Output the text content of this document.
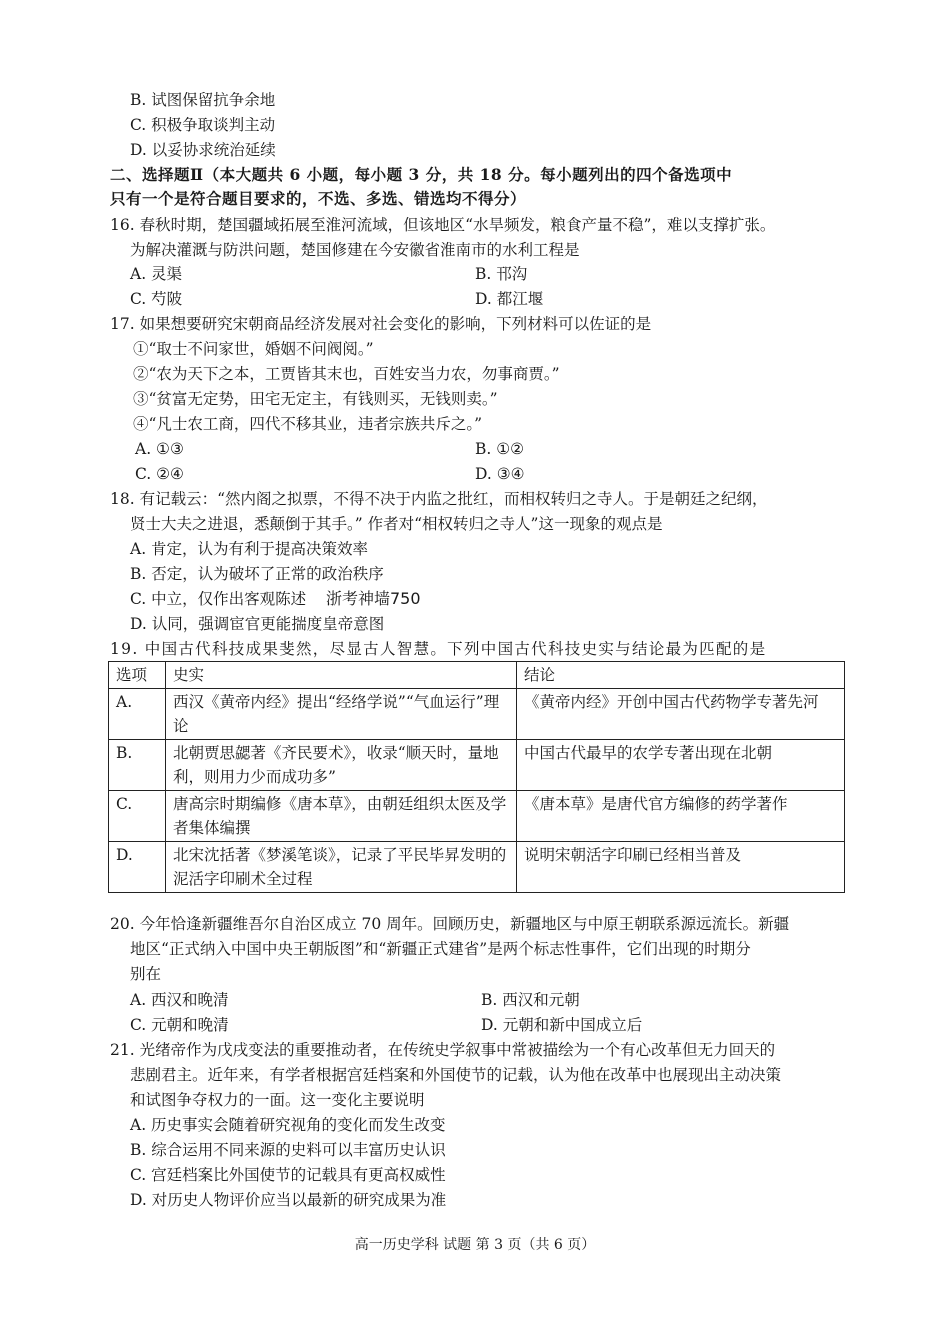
B. 试图保留抗争余地
C. 积极争取谈判主动
D. 以妥协求统治延续
二、选择题Ⅱ（本大题共 6 小题，每小题 3 分，共 18 分。每小题列出的四个备选项中
只有一个是符合题目要求的，不选、多选、错选均不得分）
16. 春秋时期，楚国疆域拓展至淮河流域，但该地区“水旱频发，粮食产量不稳”，难以支撑扩张。
为解决灌溉与防洪问题，楚国修建在今安徽省淮南市的水利工程是
A. 灵渠	B. 邗沟
C. 芍陂	D. 都江堰
17. 如果想要研究宋朝商品经济发展对社会变化的影响，下列材料可以佐证的是
①“取士不问家世，婚姻不问阀阅。”
②“农为天下之本，工贾皆其末也，百姓安当力农，勿事商贾。”
③“贫富无定势，田宅无定主，有钱则买，无钱则卖。”
④“凡士农工商，四代不移其业，违者宗族共斥之。”
A. ①③	B. ①②
C. ②④	D. ③④
18. 有记载云：“然内阁之拟票，不得不决于内监之批红，而相权转归之寺人。于是朝廷之纪纲，
贤士大夫之进退，悉颠倒于其手。” 作者对“相权转归之寺人”这一现象的观点是
A. 肯定，认为有利于提高决策效率
B. 否定，认为破坏了正常的政治秩序
C. 中立，仅作出客观陈述 浙考神墙750
D. 认同，强调宦官更能揣度皇帝意图
19. 中国古代科技成果斐然，尽显古人智慧。下列中国古代科技史实与结论最为匹配的是
选项	史实	结论
A.	西汉《黄帝内经》提出“经络学说”“气血运行”理论	《黄帝内经》开创中国古代药物学专著先河
B.	北朝贾思勰著《齐民要术》，收录“顺天时，量地利，则用力少而成功多”	中国古代最早的农学专著出现在北朝
C.	唐高宗时期编修《唐本草》，由朝廷组织太医及学者集体编撰	《唐本草》是唐代官方编修的药学著作
D.	北宋沈括著《梦溪笔谈》，记录了平民毕昇发明的泥活字印刷术全过程	说明宋朝活字印刷已经相当普及
20. 今年恰逢新疆维吾尔自治区成立 70 周年。回顾历史，新疆地区与中原王朝联系源远流长。新疆
地区“正式纳入中国中央王朝版图”和“新疆正式建省”是两个标志性事件，它们出现的时期分
别在
A. 西汉和晚清	B. 西汉和元朝
C. 元朝和晚清	D. 元朝和新中国成立后
21. 光绪帝作为戊戌变法的重要推动者，在传统史学叙事中常被描绘为一个有心改革但无力回天的
悲剧君主。近年来，有学者根据宫廷档案和外国使节的记载，认为他在改革中也展现出主动决策
和试图争夺权力的一面。这一变化主要说明
A. 历史事实会随着研究视角的变化而发生改变
B. 综合运用不同来源的史料可以丰富历史认识
C. 宫廷档案比外国使节的记载具有更高权威性
D. 对历史人物评价应当以最新的研究成果为准
高一历史学科 试题 第 3 页（共 6 页）
